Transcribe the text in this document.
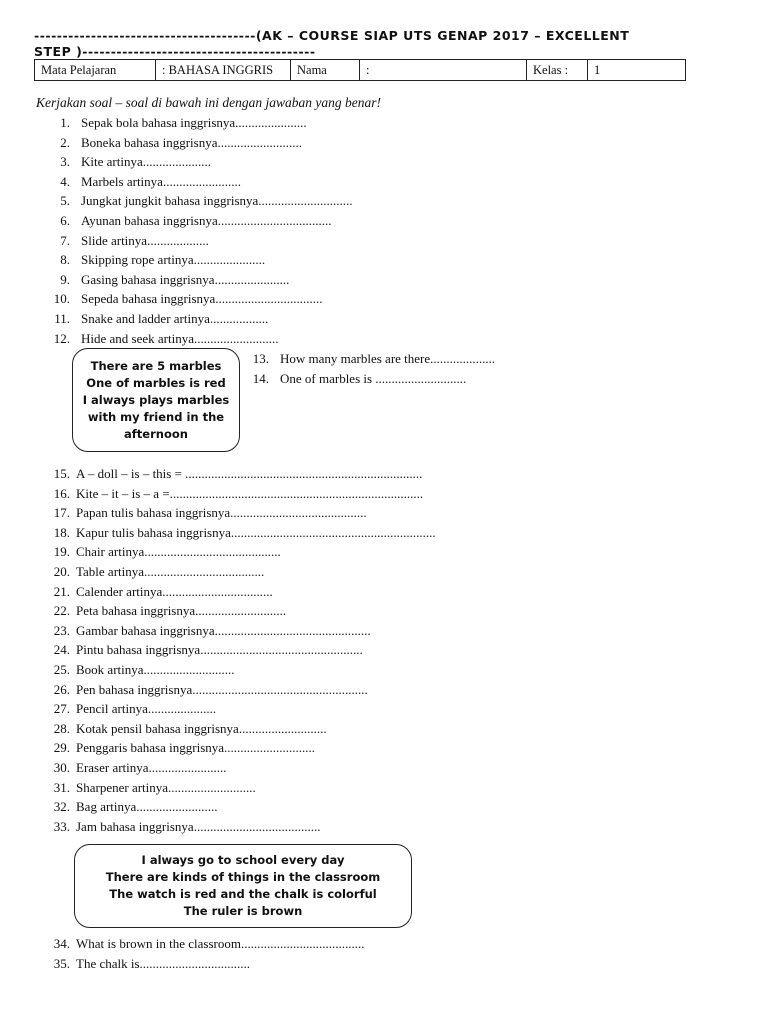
---------------------------------------(AK – COURSE SIAP UTS GENAP 2017 – EXCELLENT STEP )-----------------------------------------
Mata Pelajaran	: BAHASA INGGRIS	Nama	:	Kelas :	1

Kerjakan soal – soal di bawah ini dengan jawaban yang benar!

1. Sepak bola bahasa inggrisnya......................
2. Boneka bahasa inggrisnya..........................
3. Kite artinya.....................
4. Marbels artinya........................
5. Jungkat jungkit bahasa inggrisnya.............................
6. Ayunan bahasa inggrisnya...................................
7. Slide artinya...................
8. Skipping rope artinya......................
9. Gasing bahasa inggrisnya.......................
10. Sepeda bahasa inggrisnya.................................
11. Snake and ladder artinya..................
12. Hide and seek artinya..........................

There are 5 marbles

One of marbles is red

I always plays marbles

with my friend in the

afternoon

13. How many marbles are there....................
14. One of marbles is ............................
15. A – doll – is – this = .........................................................................
16. Kite – it – is – a =..............................................................................
17. Papan tulis bahasa inggrisnya..........................................
18. Kapur tulis bahasa inggrisnya...............................................................
19. Chair artinya..........................................
20. Table artinya.....................................
21. Calender artinya..................................
22. Peta bahasa inggrisnya............................
23. Gambar bahasa inggrisnya................................................
24. Pintu bahasa inggrisnya..................................................
25. Book artinya............................
26. Pen bahasa inggrisnya......................................................
27. Pencil artinya.....................
28. Kotak pensil bahasa inggrisnya...........................
29. Penggaris bahasa inggrisnya............................
30. Eraser artinya........................
31. Sharpener artinya...........................
32. Bag artinya.........................
33. Jam bahasa inggrisnya.......................................

I always go to school every day

There are kinds of things in the classroom

The watch is red and the chalk is colorful

The ruler is brown

34. What is brown in the classroom......................................
35. The chalk is..................................
